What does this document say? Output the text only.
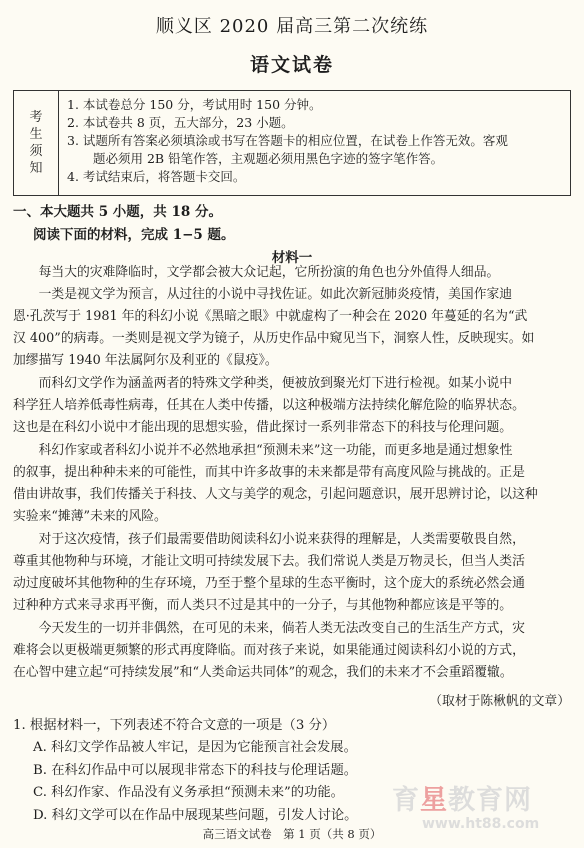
顺义区 2020 届高三第二次统练
语文试卷
考
生
须
知
1. 本试卷总分 150 分，考试用时 150 分钟。
2. 本试卷共 8 页，五大部分，23 小题。
3. 试题所有答案必须填涂或书写在答题卡的相应位置，在试卷上作答无效。客观
题必须用 2B 铅笔作答，主观题必须用黑色字迹的签字笔作答。
4. 考试结束后，将答题卡交回。
一、本大题共 5 小题，共 18 分。
阅读下面的材料，完成 1−5 题。
材料一
　　每当大的灾难降临时，文学都会被大众记起，它所扮演的角色也分外值得人细品。
　　一类是视文学为预言，从过往的小说中寻找佐证。如此次新冠肺炎疫情，美国作家迪
恩·孔茨写于 1981 年的科幻小说《黑暗之眼》中就虚构了一种会在 2020 年蔓延的名为“武
汉 400”的病毒。一类则是视文学为镜子，从历史作品中窥见当下，洞察人性，反映现实。如
加缪描写 1940 年法属阿尔及利亚的《鼠疫》。
　　而科幻文学作为涵盖两者的特殊文学种类，便被放到聚光灯下进行检视。如某小说中
科学狂人培养低毒性病毒，任其在人类中传播，以这种极端方法持续化解危险的临界状态。
这也是在科幻小说中才能出现的思想实验，借此探讨一系列非常态下的科技与伦理问题。
　　科幻作家或者科幻小说并不必然地承担“预测未来”这一功能，而更多地是通过想象性
的叙事，提出种种未来的可能性，而其中许多故事的未来都是带有高度风险与挑战的。正是
借由讲故事，我们传播关于科技、人文与美学的观念，引起问题意识，展开思辨讨论，以这种
实验来“摊薄”未来的风险。
　　对于这次疫情，孩子们最需要借助阅读科幻小说来获得的理解是，人类需要敬畏自然，
尊重其他物种与环境，才能让文明可持续发展下去。我们常说人类是万物灵长，但当人类活
动过度破坏其他物种的生存环境，乃至于整个星球的生态平衡时，这个庞大的系统必然会通
过种种方式来寻求再平衡，而人类只不过是其中的一分子，与其他物种都应该是平等的。
　　今天发生的一切并非偶然，在可见的未来，倘若人类无法改变自己的生活生产方式，灾
难将会以更极端更频繁的形式再度降临。而对孩子来说，如果能通过阅读科幻小说的方式，
在心智中建立起“可持续发展”和“人类命运共同体”的观念，我们的未来才不会重蹈覆辙。
（取材于陈楸帆的文章）
1. 根据材料一，下列表述不符合文意的一项是（3 分）
A. 科幻文学作品被人牢记，是因为它能预言社会发展。
B. 在科幻作品中可以展现非常态下的科技与伦理话题。
C. 科幻作家、作品没有义务承担“预测未来”的功能。
D. 科幻文学可以在作品中展现某些问题，引发人讨论。 育星教育网
www.ht88.com
高三语文试卷　第 1 页（共 8 页）
